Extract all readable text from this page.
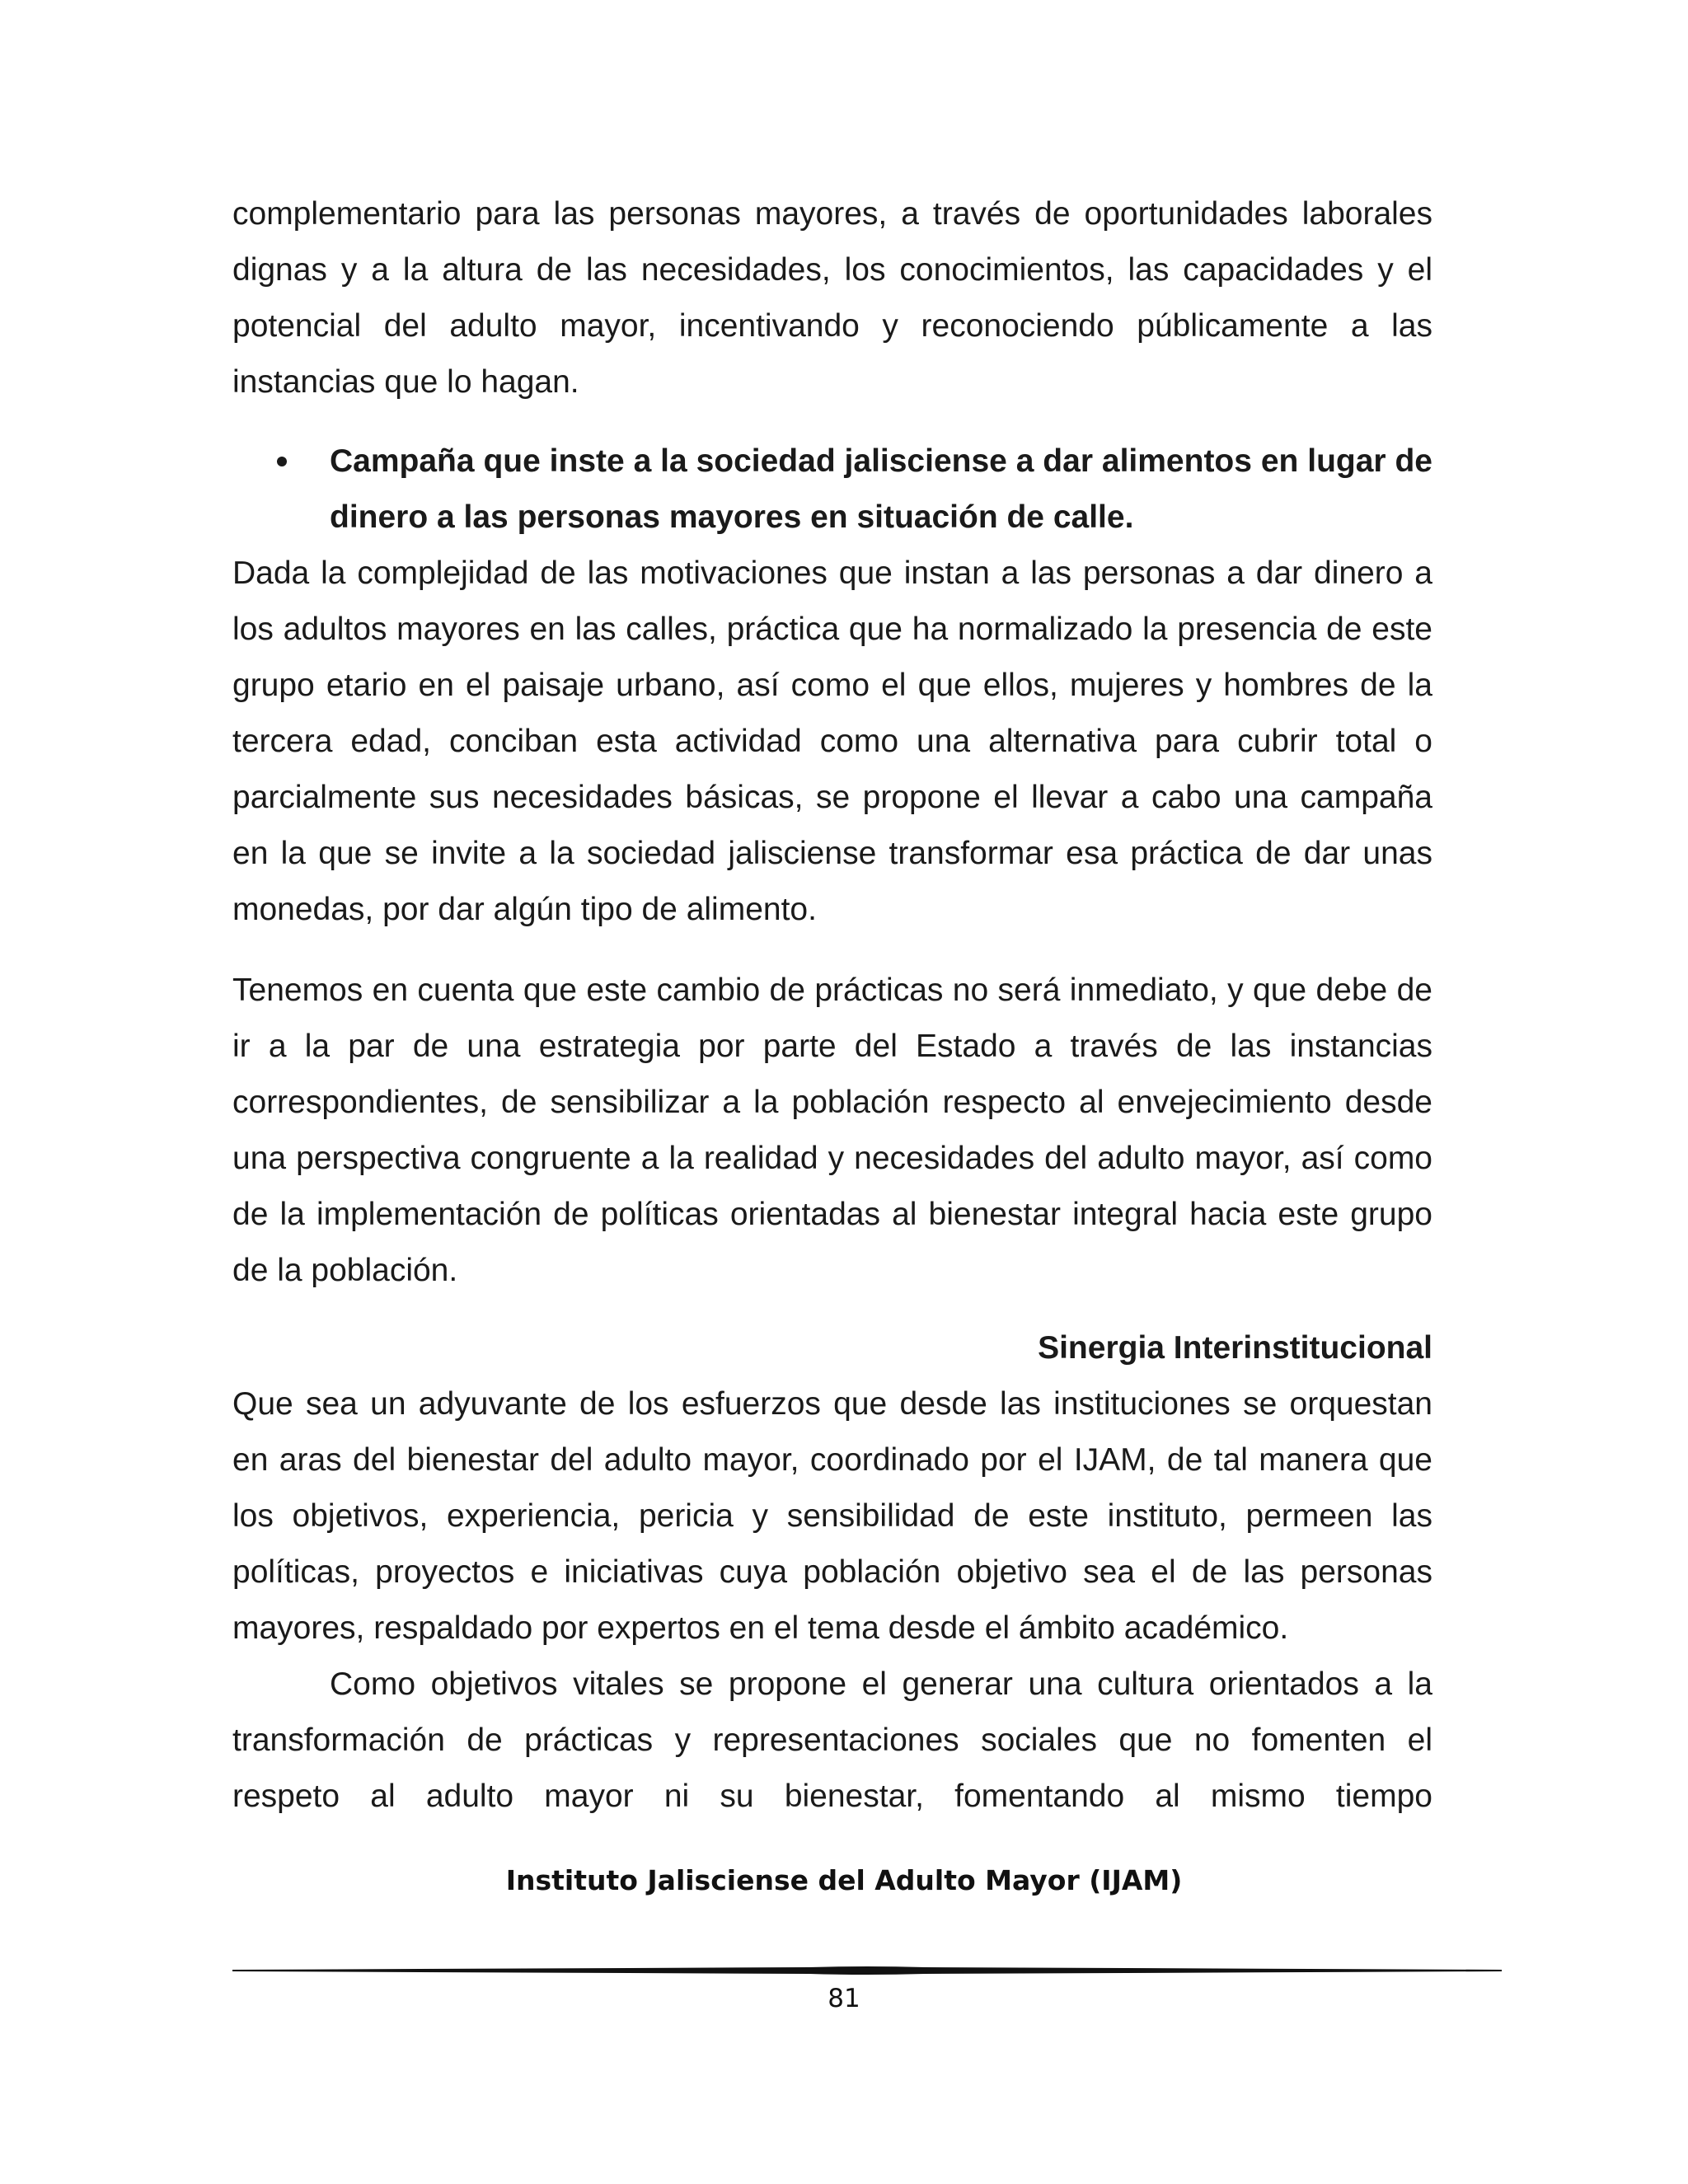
complementario para las personas mayores, a través de oportunidades laborales dignas y a la altura de las necesidades, los conocimientos, las capacidades y el potencial del adulto mayor, incentivando y reconociendo públicamente a las instancias que lo hagan.

Campaña que inste a la sociedad jalisciense a dar alimentos en lugar de dinero a las personas mayores en situación de calle.

Dada la complejidad de las motivaciones que instan a las personas a dar dinero a los adultos mayores en las calles, práctica que ha normalizado la presencia de este grupo etario en el paisaje urbano, así como el que ellos, mujeres y hombres de la tercera edad, conciban esta actividad como una alternativa para cubrir total o parcialmente sus necesidades básicas, se propone el llevar a cabo una campaña en la que se invite a la sociedad jalisciense transformar esa práctica de dar unas monedas, por dar algún tipo de alimento.

Tenemos en cuenta que este cambio de prácticas no será inmediato, y que debe de ir a la par de una estrategia por parte del Estado a través de las instancias correspondientes, de sensibilizar a la población respecto al envejecimiento desde una perspectiva congruente a la realidad y necesidades del adulto mayor, así como de la implementación de políticas orientadas al bienestar integral hacia este grupo de la población.

Sinergia Interinstitucional

Que sea un adyuvante de los esfuerzos que desde las instituciones se orquestan en aras del bienestar del adulto mayor, coordinado por el IJAM, de tal manera que los objetivos, experiencia, pericia y sensibilidad de este instituto, permeen las políticas, proyectos e iniciativas cuya población objetivo sea el de las personas mayores, respaldado por expertos en el tema desde el ámbito académico.

Como objetivos vitales se propone el generar una cultura orientados a la transformación de prácticas y representaciones sociales que no fomenten el respeto al adulto mayor ni su bienestar, fomentando al mismo tiempo

Instituto Jalisciense del Adulto Mayor (IJAM)
81
